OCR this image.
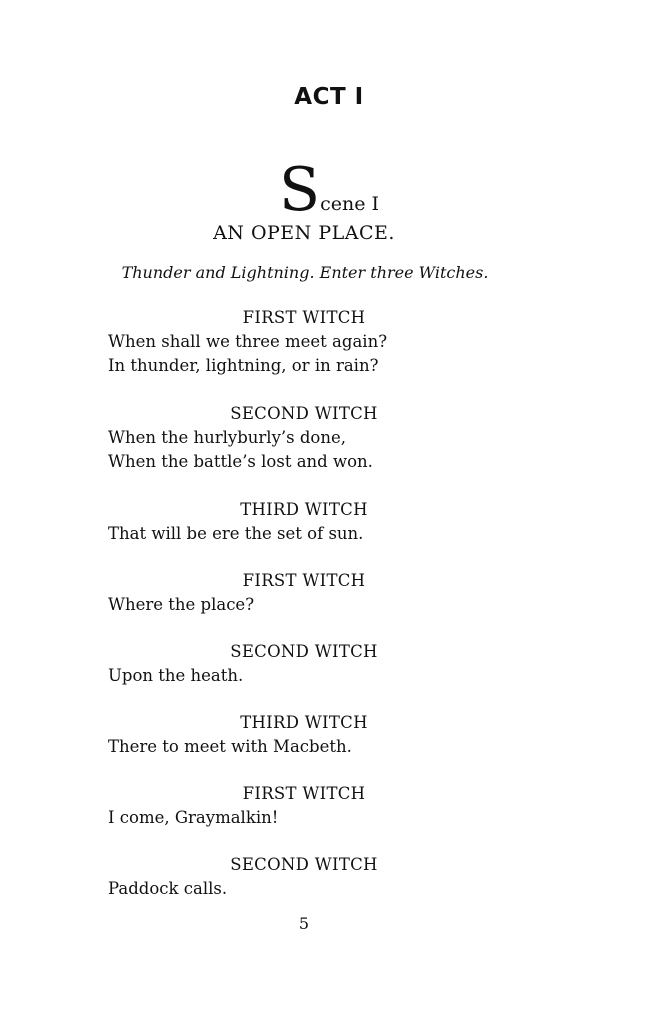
ACT I
Scene I
AN OPEN PLACE.
Thunder and Lightning. Enter three Witches.
FIRST WITCH
When shall we three meet again?
In thunder, lightning, or in rain?
SECOND WITCH
When the hurlyburly’s done,
When the battle’s lost and won.
THIRD WITCH
That will be ere the set of sun.
FIRST WITCH
Where the place?
SECOND WITCH
Upon the heath.
THIRD WITCH
There to meet with Macbeth.
FIRST WITCH
I come, Graymalkin!
SECOND WITCH
Paddock calls.
5
